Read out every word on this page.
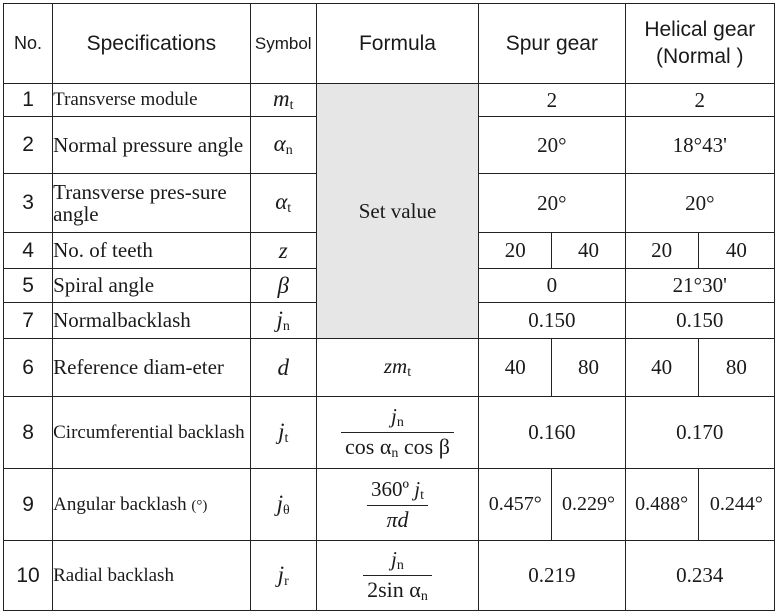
No.	Specifications	Symbol	Formula	Spur gear		Helical gear
(Normal )	
1	Transverse module	$m_t$	Set value	2		2	
2	Normal pressure angle	$\alpha_n$		20°		18°43'	
3	Transverse pres-sure angle	$\alpha_t$		20°		20°	
4	No. of teeth	z		20	40	20	40
5	Spiral angle	β		0		21°30'	
7	Normalbacklash	$j_n$		0.150		0.150	
6	Reference diam-eter	d	$zm_t$	40	80	40	80
8	Circumferential backlash	$j_t$	$\frac{j_n}{\cos \alpha_n \cos \beta}$	0.160		0.170	
9	Angular backlash (°)	$j_\theta$	$\frac{360º j_t}{\pi d}$	0.457°	0.229°	0.488°	0.244°
10	Radial backlash	$j_r$	$\frac{j_n}{2\sin \alpha_n}$	0.219		0.234	
